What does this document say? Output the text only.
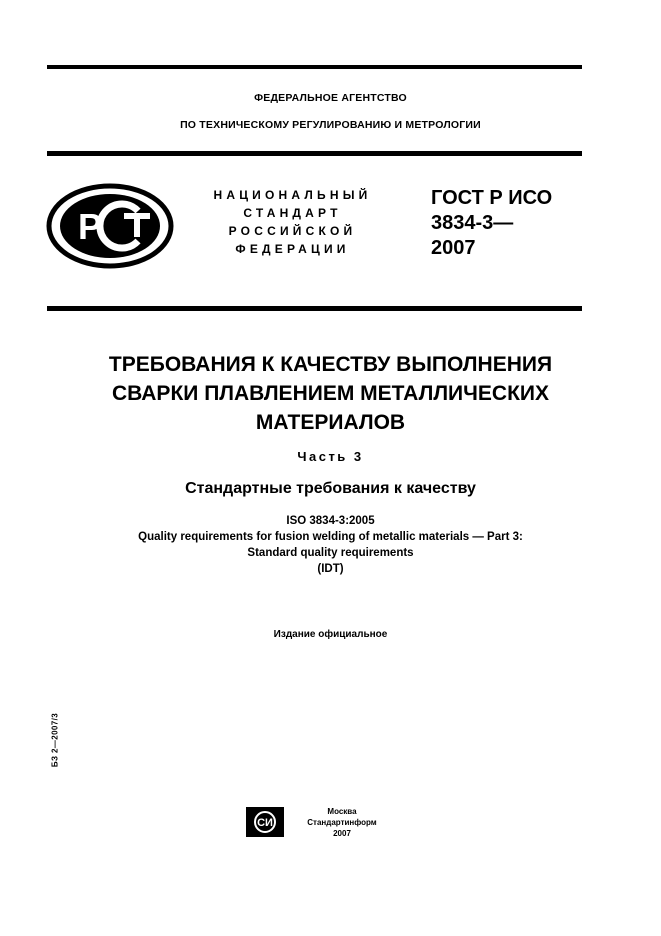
ФЕДЕРАЛЬНОЕ АГЕНТСТВО
ПО ТЕХНИЧЕСКОМУ РЕГУЛИРОВАНИЮ И МЕТРОЛОГИИ
Р
НАЦИОНАЛЬНЫЙ
СТАНДАРТ
РОССИЙСКОЙ
ФЕДЕРАЦИИ
ГОСТ Р ИСО
3834-3—
2007
ТРЕБОВАНИЯ К КАЧЕСТВУ ВЫПОЛНЕНИЯ
СВАРКИ ПЛАВЛЕНИЕМ МЕТАЛЛИЧЕСКИХ
МАТЕРИАЛОВ
Часть 3
Стандартные требования к качеству
ISO 3834-3:2005
Quality requirements for fusion welding of metallic materials — Part 3:
Standard quality requirements
(IDT)
Издание официальное
БЗ 2—2007/3
СИ
Москва
Стандартинформ
2007
